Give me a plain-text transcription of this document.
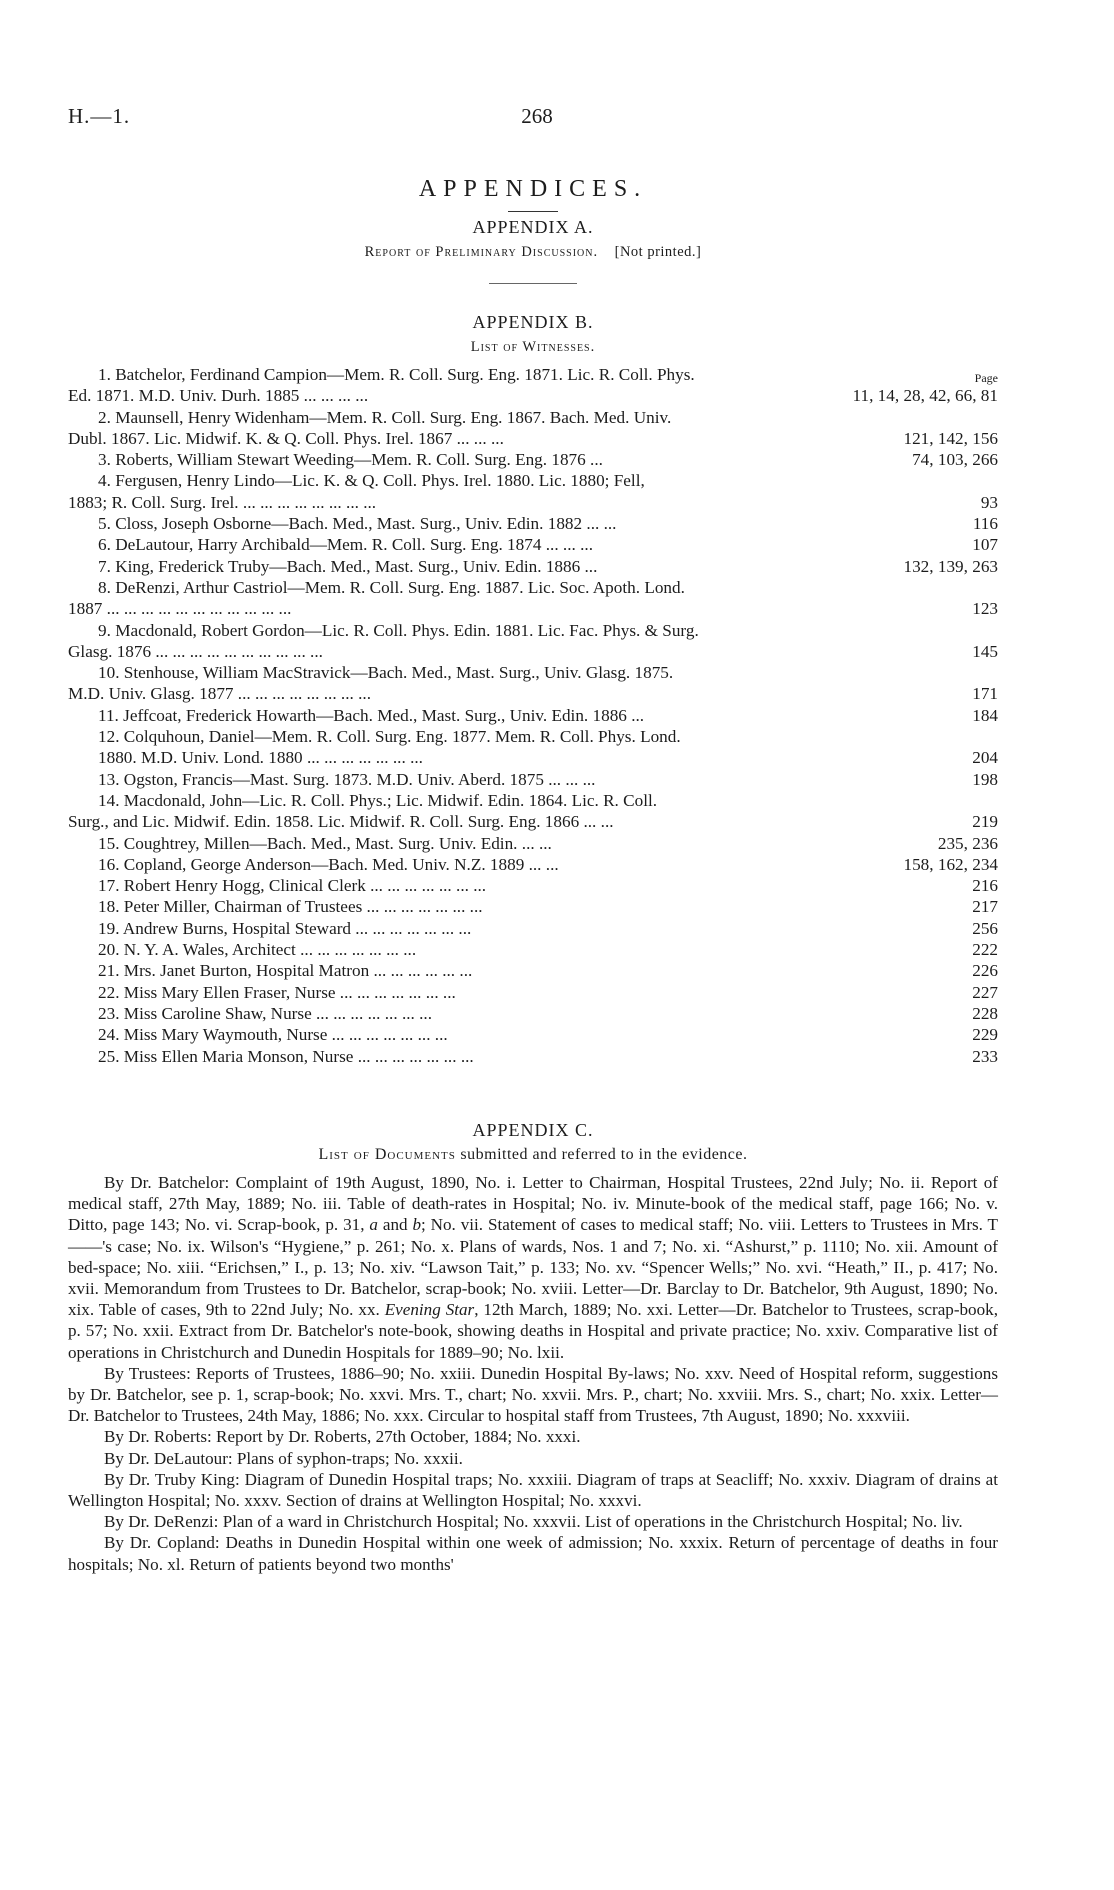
H.—1.	268
APPENDICES.
APPENDIX A.
Report of Preliminary Discussion. [Not printed.]
APPENDIX B.
List of Witnesses.
Page
1. Batchelor, Ferdinand Campion—Mem. R. Coll. Surg. Eng. 1871. Lic. R. Coll. Phys.
Ed. 1871. M.D. Univ. Durh. 1885 ... ... ... ...	11, 14, 28, 42, 66, 81
2. Maunsell, Henry Widenham—Mem. R. Coll. Surg. Eng. 1867. Bach. Med. Univ.
Dubl. 1867. Lic. Midwif. K. & Q. Coll. Phys. Irel. 1867 ... ... ...	121, 142, 156
3. Roberts, William Stewart Weeding—Mem. R. Coll. Surg. Eng. 1876 ...	74, 103, 266
4. Fergusen, Henry Lindo—Lic. K. & Q. Coll. Phys. Irel. 1880. Lic. 1880; Fell,
1883; R. Coll. Surg. Irel. ... ... ... ... ... ... ... ...	93
5. Closs, Joseph Osborne—Bach. Med., Mast. Surg., Univ. Edin. 1882 ... ...	116
6. DeLautour, Harry Archibald—Mem. R. Coll. Surg. Eng. 1874 ... ... ...	107
7. King, Frederick Truby—Bach. Med., Mast. Surg., Univ. Edin. 1886 ...	132, 139, 263
8. DeRenzi, Arthur Castriol—Mem. R. Coll. Surg. Eng. 1887. Lic. Soc. Apoth. Lond.
1887 ... ... ... ... ... ... ... ... ... ... ...	123
9. Macdonald, Robert Gordon—Lic. R. Coll. Phys. Edin. 1881. Lic. Fac. Phys. & Surg.
Glasg. 1876 ... ... ... ... ... ... ... ... ... ...	145
10. Stenhouse, William MacStravick—Bach. Med., Mast. Surg., Univ. Glasg. 1875.
M.D. Univ. Glasg. 1877 ... ... ... ... ... ... ... ...	171
11. Jeffcoat, Frederick Howarth—Bach. Med., Mast. Surg., Univ. Edin. 1886 ...	184
12. Colquhoun, Daniel—Mem. R. Coll. Surg. Eng. 1877. Mem. R. Coll. Phys. Lond.
1880. M.D. Univ. Lond. 1880 ... ... ... ... ... ... ...	204
13. Ogston, Francis—Mast. Surg. 1873. M.D. Univ. Aberd. 1875 ... ... ...	198
14. Macdonald, John—Lic. R. Coll. Phys.; Lic. Midwif. Edin. 1864. Lic. R. Coll.
Surg., and Lic. Midwif. Edin. 1858. Lic. Midwif. R. Coll. Surg. Eng. 1866 ... ...	219
15. Coughtrey, Millen—Bach. Med., Mast. Surg. Univ. Edin. ... ...	235, 236
16. Copland, George Anderson—Bach. Med. Univ. N.Z. 1889 ... ...	158, 162, 234
17. Robert Henry Hogg, Clinical Clerk ... ... ... ... ... ... ...	216
18. Peter Miller, Chairman of Trustees ... ... ... ... ... ... ...	217
19. Andrew Burns, Hospital Steward ... ... ... ... ... ... ...	256
20. N. Y. A. Wales, Architect ... ... ... ... ... ... ...	222
21. Mrs. Janet Burton, Hospital Matron ... ... ... ... ... ...	226
22. Miss Mary Ellen Fraser, Nurse ... ... ... ... ... ... ...	227
23. Miss Caroline Shaw, Nurse ... ... ... ... ... ... ...	228
24. Miss Mary Waymouth, Nurse ... ... ... ... ... ... ...	229
25. Miss Ellen Maria Monson, Nurse ... ... ... ... ... ... ...	233
APPENDIX C.
List of Documents submitted and referred to in the evidence.

By Dr. Batchelor: Complaint of 19th August, 1890, No. i. Letter to Chairman, Hospital Trustees, 22nd July; No. ii. Report of medical staff, 27th May, 1889; No. iii. Table of death-rates in Hospital; No. iv. Minute-book of the medical staff, page 166; No. v. Ditto, page 143; No. vi. Scrap-book, p. 31, a and b; No. vii. Statement of cases to medical staff; No. viii. Letters to Trustees in Mrs. T——'s case; No. ix. Wilson's “Hygiene,” p. 261; No. x. Plans of wards, Nos. 1 and 7; No. xi. “Ashurst,” p. 1110; No. xii. Amount of bed-space; No. xiii. “Erichsen,” I., p. 13; No. xiv. “Lawson Tait,” p. 133; No. xv. “Spencer Wells;” No. xvi. “Heath,” II., p. 417; No. xvii. Memorandum from Trustees to Dr. Batchelor, scrap-book; No. xviii. Letter—Dr. Barclay to Dr. Batchelor, 9th August, 1890; No. xix. Table of cases, 9th to 22nd July; No. xx. Evening Star, 12th March, 1889; No. xxi. Letter—Dr. Batchelor to Trustees, scrap-book, p. 57; No. xxii. Extract from Dr. Batchelor's note-book, showing deaths in Hospital and private practice; No. xxiv. Comparative list of operations in Christchurch and Dunedin Hospitals for 1889–90; No. lxii.

By Trustees: Reports of Trustees, 1886–90; No. xxiii. Dunedin Hospital By-laws; No. xxv. Need of Hospital reform, suggestions by Dr. Batchelor, see p. 1, scrap-book; No. xxvi. Mrs. T., chart; No. xxvii. Mrs. P., chart; No. xxviii. Mrs. S., chart; No. xxix. Letter—Dr. Batchelor to Trustees, 24th May, 1886; No. xxx. Circular to hospital staff from Trustees, 7th August, 1890; No. xxxviii.

By Dr. Roberts: Report by Dr. Roberts, 27th October, 1884; No. xxxi.

By Dr. DeLautour: Plans of syphon-traps; No. xxxii.

By Dr. Truby King: Diagram of Dunedin Hospital traps; No. xxxiii. Diagram of traps at Seacliff; No. xxxiv. Diagram of drains at Wellington Hospital; No. xxxv. Section of drains at Wellington Hospital; No. xxxvi.

By Dr. DeRenzi: Plan of a ward in Christchurch Hospital; No. xxxvii. List of operations in the Christchurch Hospital; No. liv.

By Dr. Copland: Deaths in Dunedin Hospital within one week of admission; No. xxxix. Return of percentage of deaths in four hospitals; No. xl. Return of patients beyond two months'
